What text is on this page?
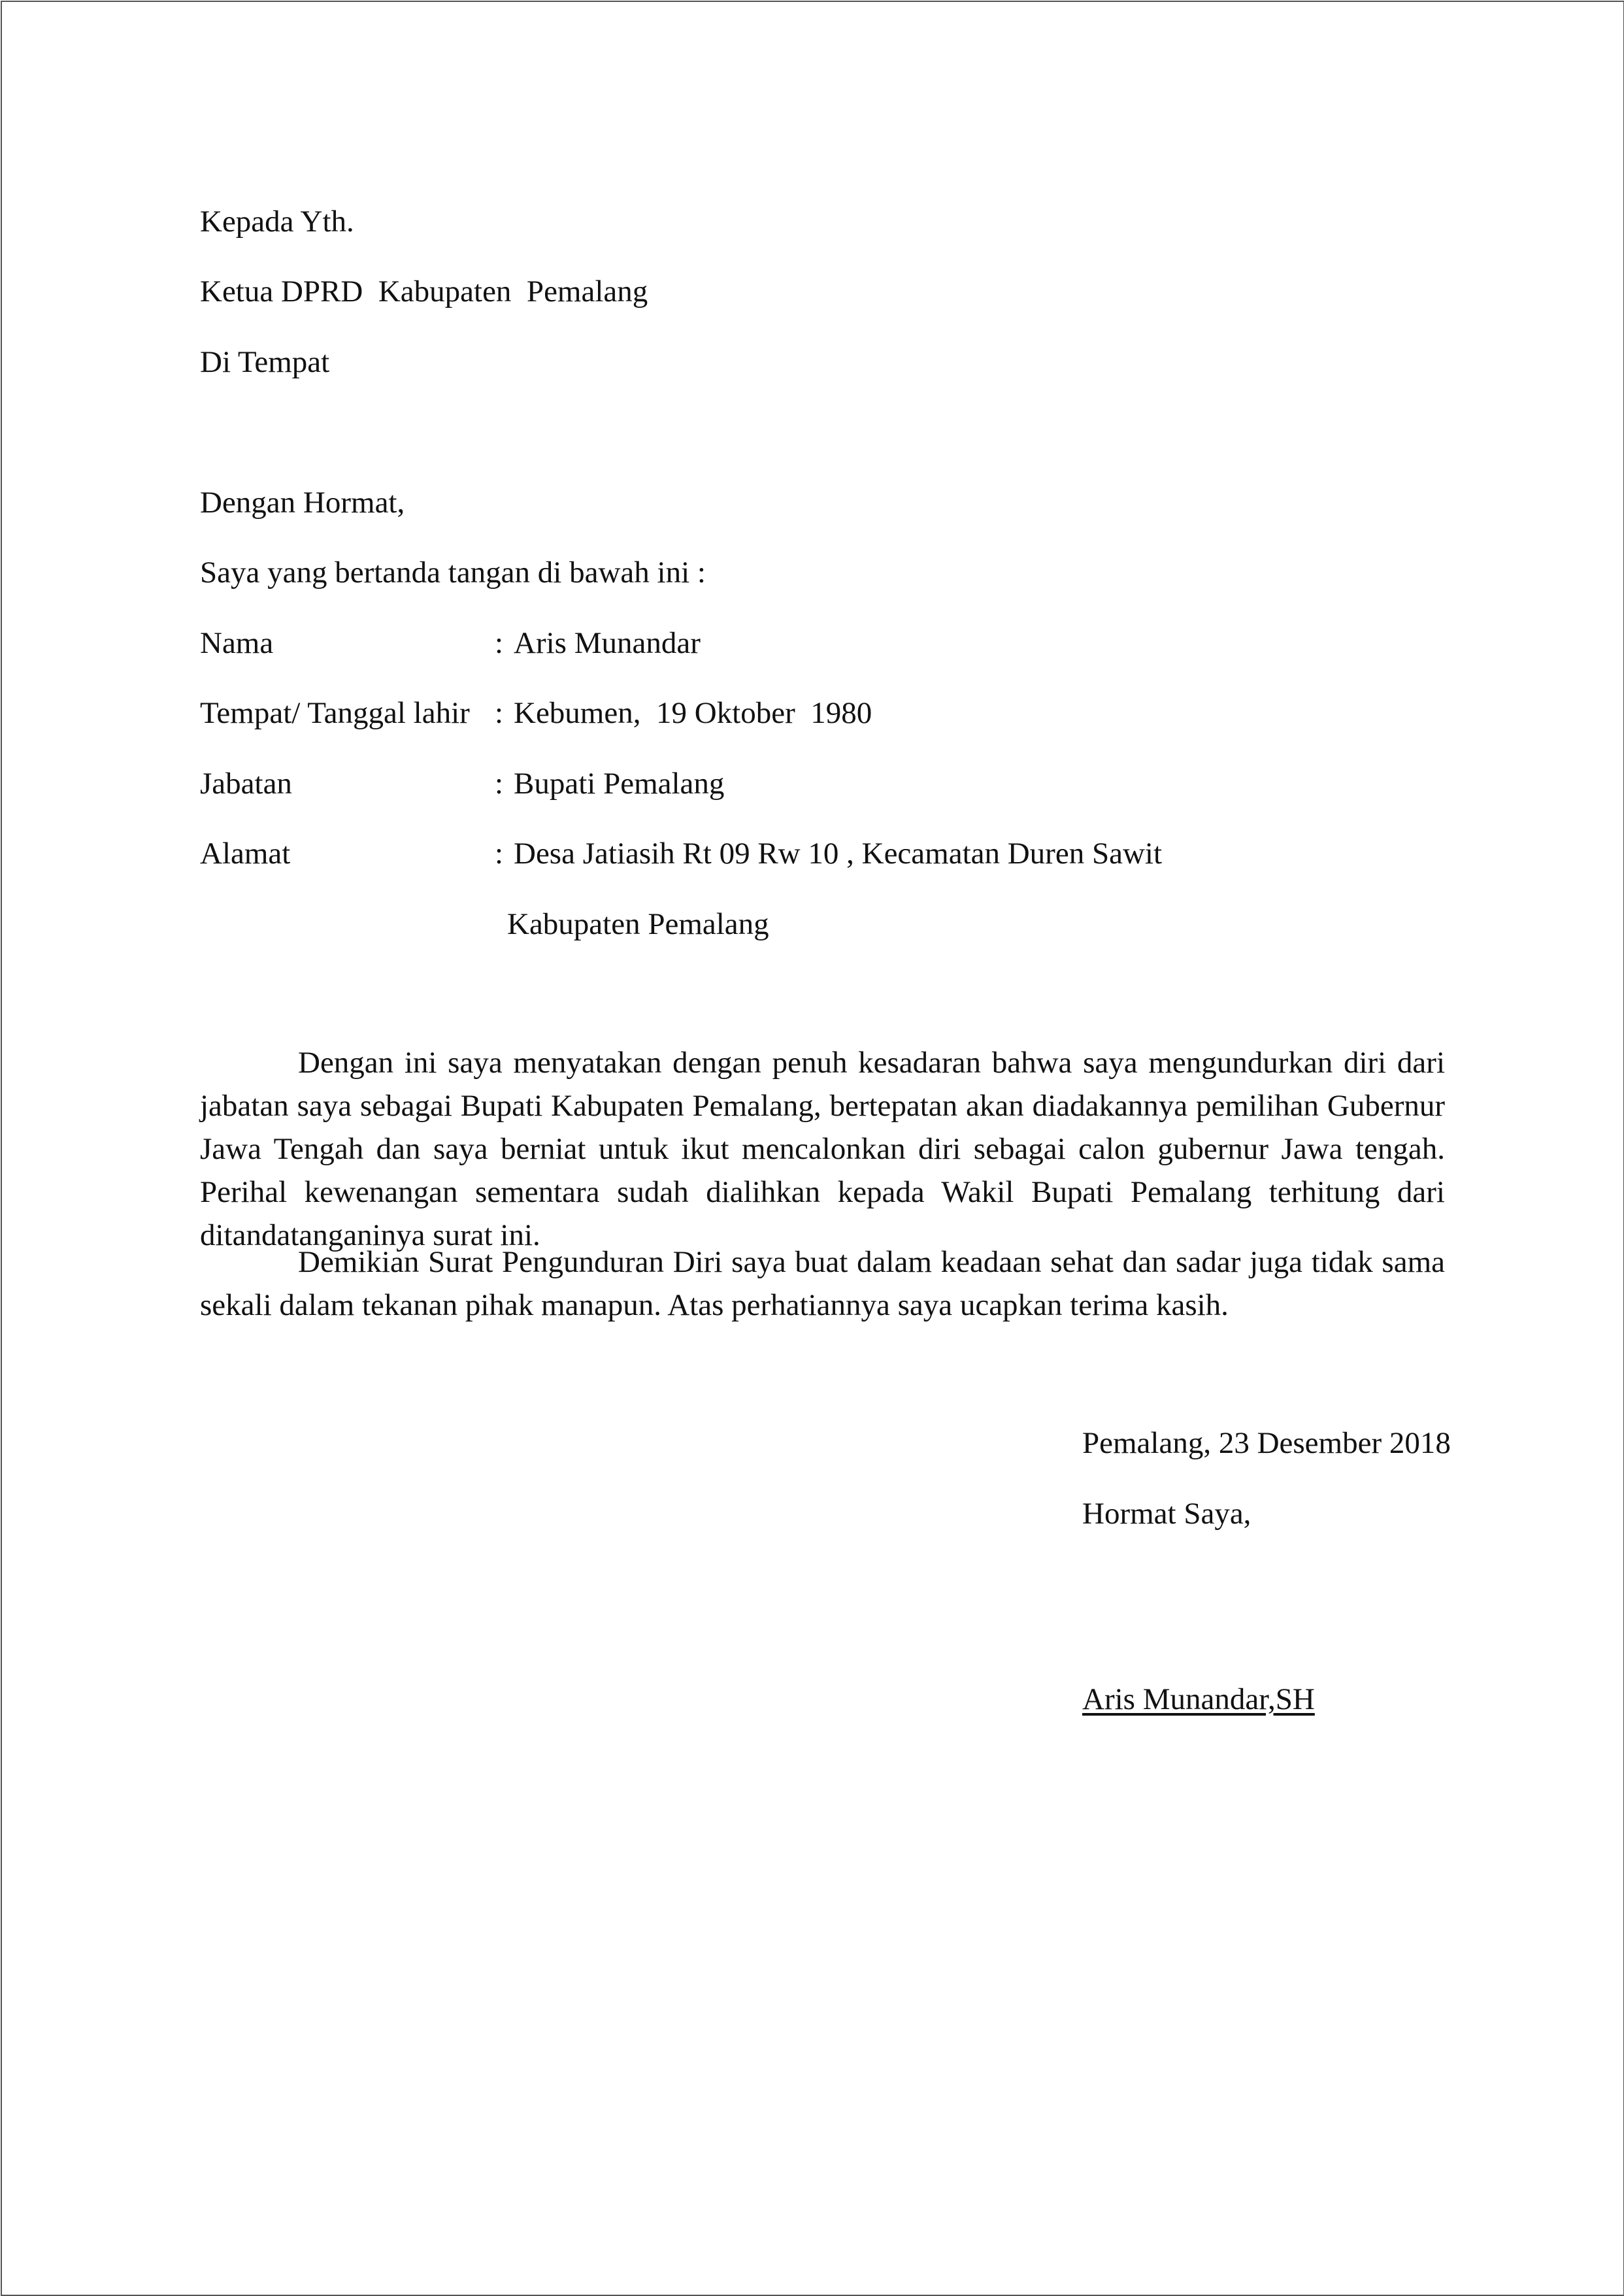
Kepada Yth.
Ketua DPRD  Kabupaten  Pemalang
Di Tempat
Dengan Hormat,
Saya yang bertanda tangan di bawah ini :
Nama	: Aris Munandar
Tempat/ Tanggal lahir : Kebumen,  19 Oktober  1980
Jabatan	: Bupati Pemalang
Alamat	: Desa Jatiasih Rt 09 Rw 10 , Kecamatan Duren Sawit
Kabupaten Pemalang
Dengan ini saya menyatakan dengan penuh kesadaran bahwa saya mengundurkan diri dari jabatan saya sebagai Bupati Kabupaten Pemalang, bertepatan akan diadakannya pemilihan Gubernur Jawa Tengah dan saya berniat untuk ikut mencalonkan diri sebagai calon gubernur Jawa tengah. Perihal kewenangan sementara sudah dialihkan kepada Wakil Bupati Pemalang terhitung dari ditandatanganinya surat ini.
Demikian Surat Pengunduran Diri saya buat dalam keadaan sehat dan sadar juga tidak sama sekali dalam tekanan pihak manapun. Atas perhatiannya saya ucapkan terima kasih.
Pemalang, 23 Desember 2018
Hormat Saya,
Aris Munandar,SH
